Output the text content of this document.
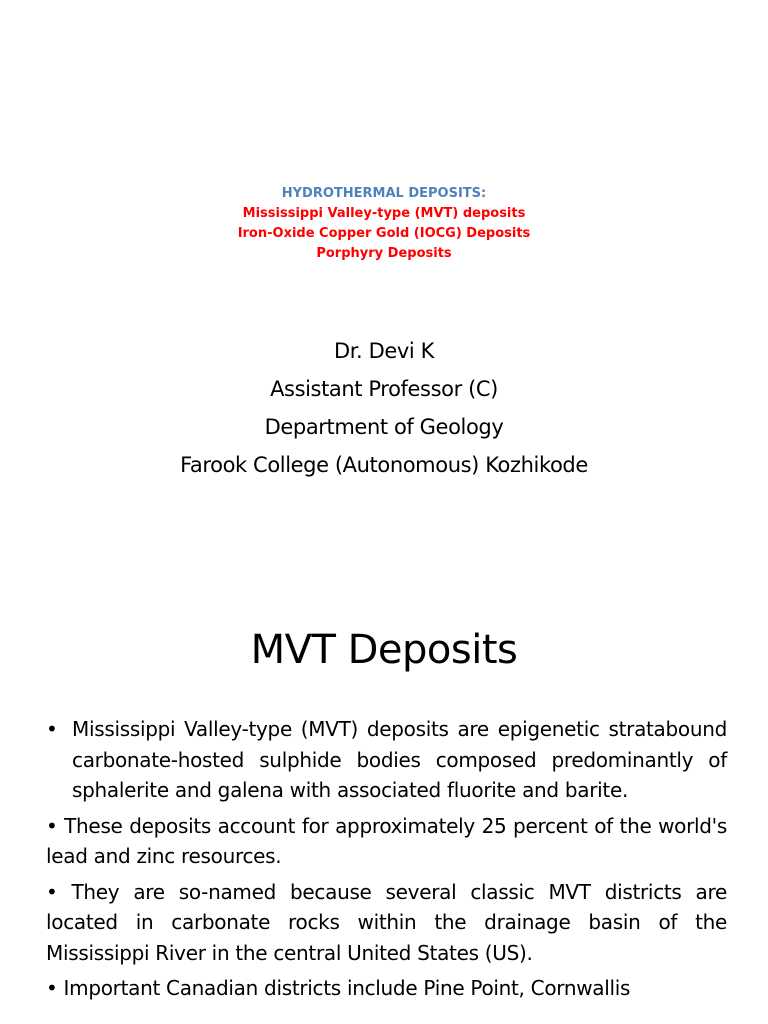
HYDROTHERMAL DEPOSITS:
Mississippi Valley-type (MVT) deposits
Iron-Oxide Copper Gold (IOCG) Deposits
Porphyry Deposits
Dr. Devi K
Assistant Professor (C)
Department of Geology
Farook College (Autonomous) Kozhikode
MVT Deposits

• Mississippi Valley-type (MVT) deposits are epigenetic stratabound carbonate-hosted sulphide bodies composed predominantly of sphalerite and galena with associated fluorite and barite.

• These deposits account for approximately 25 percent of the world's lead and zinc resources.

• They are so-named because several classic MVT districts are located in carbonate rocks within the drainage basin of the Mississippi River in the central United States (US).

• Important Canadian districts include Pine Point, Cornwallis
